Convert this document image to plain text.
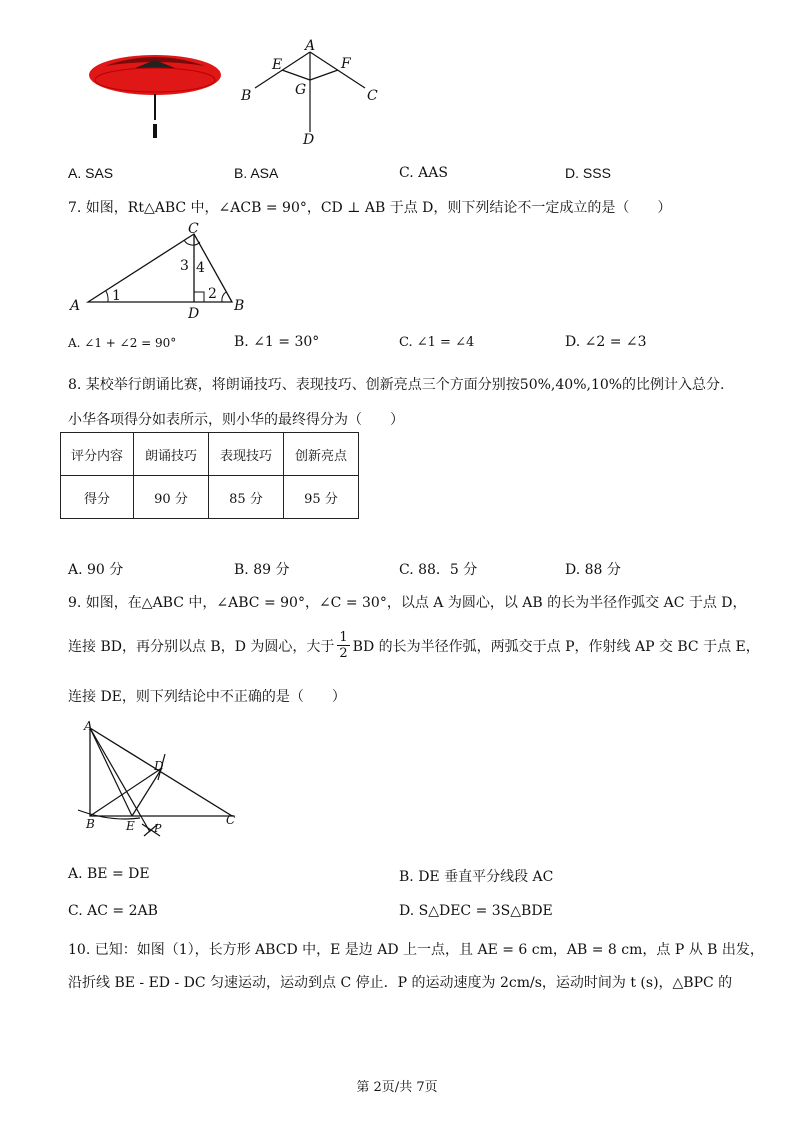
A
E	F
B	G	C
D
A. SAS	B. ASA	C. AAS	D. SSS
7. 如图，Rt△ABC 中，∠ACB = 90°，CD ⊥ AB 于点 D，则下列结论不一定成立的是（　　）
C
3 4
2
A
1
D B
A. ∠1 + ∠2 = 90°	B. ∠1 = 30°	C. ∠1 = ∠4	D. ∠2 = ∠3
8. 某校举行朗诵比赛，将朗诵技巧、表现技巧、创新亮点三个方面分别按50%,40%,10%的比例计入总分.
小华各项得分如表所示，则小华的最终得分为（　　）
评分内容	朗诵技巧	表现技巧	创新亮点
得分	90 分	85 分	95 分
A. 90 分	B. 89 分	C. 88．5 分	D. 88 分
9. 如图，在△ABC 中，∠ABC = 90°，∠C = 30°，以点 A 为圆心，以 AB 的长为半径作弧交 AC 于点 D，
连接 BD，再分别以点 B，D 为圆心，大于 $\frac{1}{2}$ BD 的长为半径作弧，两弧交于点 P，作射线 AP 交 BC 于点 E，
连接 DE，则下列结论中不正确的是（　　）
A
D
B	E	C
P
A. BE = DE	B. DE 垂直平分线段 AC
C. AC = 2AB	D. S△DEC = 3S△BDE
10. 已知：如图（1），长方形 ABCD 中，E 是边 AD 上一点，且 AE = 6 cm，AB = 8 cm，点 P 从 B 出发，
沿折线 BE - ED - DC 匀速运动，运动到点 C 停止．P 的运动速度为 2cm/s，运动时间为 t (s)，△BPC 的
第 2页/共 7页
